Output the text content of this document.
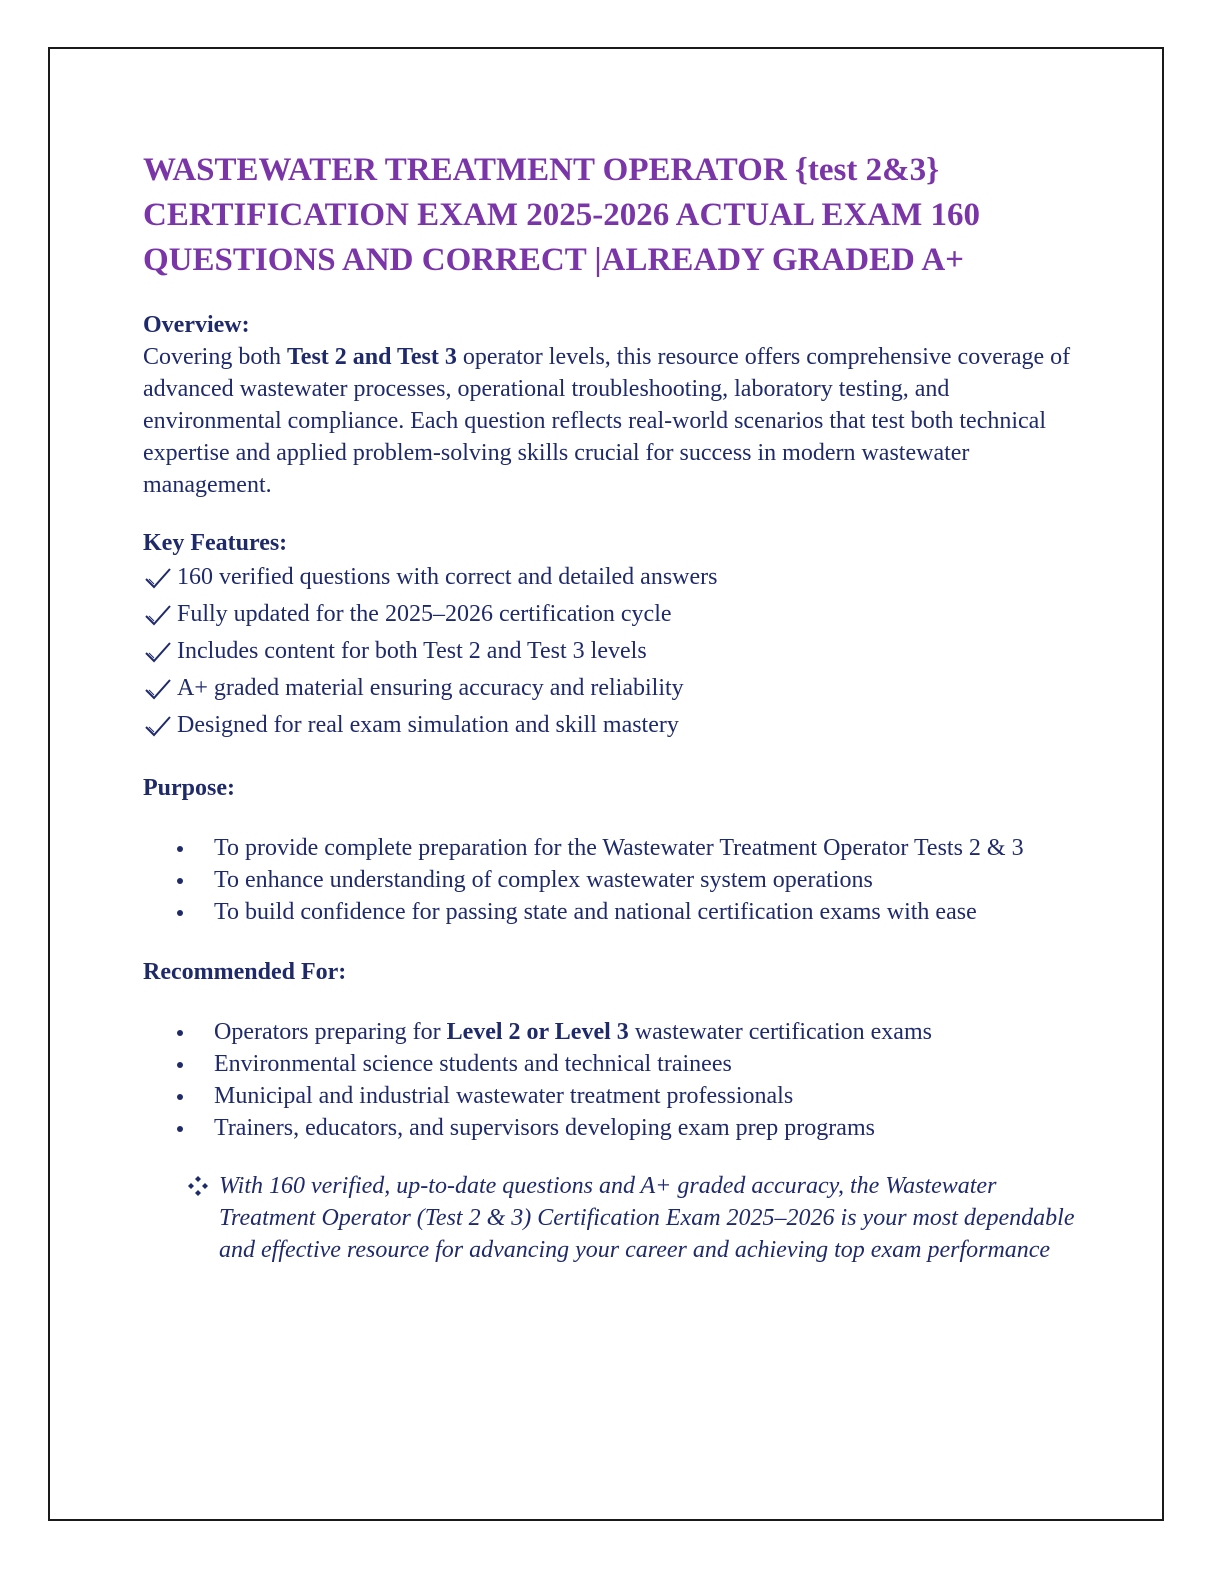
WASTEWATER TREATMENT OPERATOR {test 2&3} CERTIFICATION EXAM 2025-2026 ACTUAL EXAM 160 QUESTIONS AND CORRECT |ALREADY GRADED A+
Overview:

Covering both Test 2 and Test 3 operator levels, this resource offers comprehensive coverage of advanced wastewater processes, operational troubleshooting, laboratory testing, and environmental compliance. Each question reflects real-world scenarios that test both technical expertise and applied problem-solving skills crucial for success in modern wastewater management.

Key Features:
160 verified questions with correct and detailed answers
Fully updated for the 2025–2026 certification cycle
Includes content for both Test 2 and Test 3 levels
A+ graded material ensuring accuracy and reliability
Designed for real exam simulation and skill mastery
Purpose:
To provide complete preparation for the Wastewater Treatment Operator Tests 2 & 3
To enhance understanding of complex wastewater system operations
To build confidence for passing state and national certification exams with ease
Recommended For:
Operators preparing for Level 2 or Level 3 wastewater certification exams
Environmental science students and technical trainees
Municipal and industrial wastewater treatment professionals
Trainers, educators, and supervisors developing exam prep programs
With 160 verified, up-to-date questions and A+ graded accuracy, the Wastewater Treatment Operator (Test 2 & 3) Certification Exam 2025–2026 is your most dependable and effective resource for advancing your career and achieving top exam performance
